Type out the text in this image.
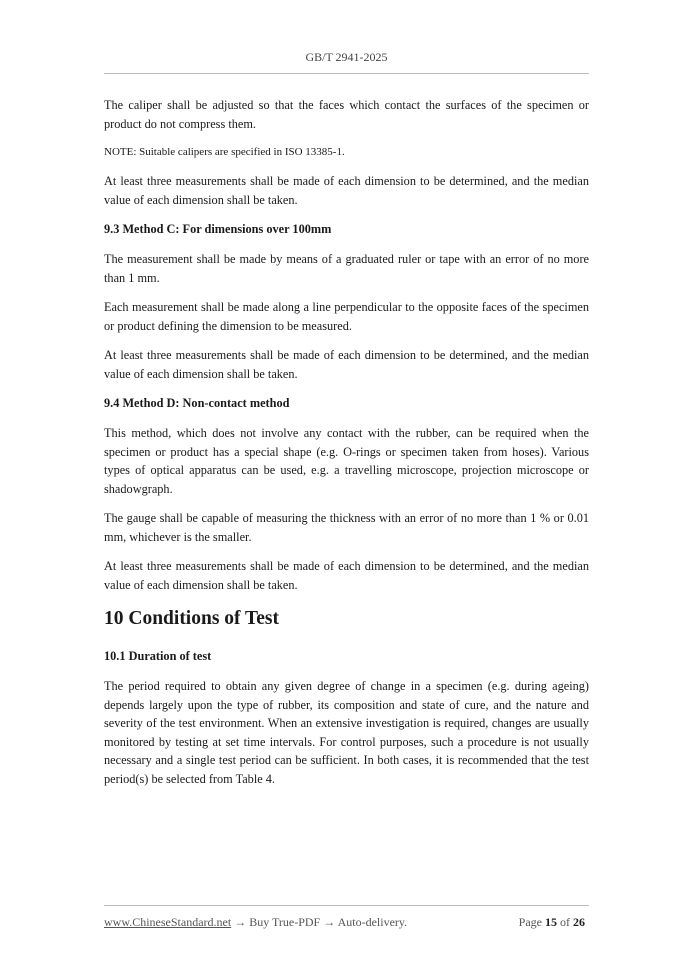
GB/T 2941-2025

The caliper shall be adjusted so that the faces which contact the surfaces of the specimen or product do not compress them.

NOTE: Suitable calipers are specified in ISO 13385-1.

At least three measurements shall be made of each dimension to be determined, and the median value of each dimension shall be taken.

9.3 Method C: For dimensions over 100mm

The measurement shall be made by means of a graduated ruler or tape with an error of no more than 1 mm.

Each measurement shall be made along a line perpendicular to the opposite faces of the specimen or product defining the dimension to be measured.

At least three measurements shall be made of each dimension to be determined, and the median value of each dimension shall be taken.

9.4 Method D: Non-contact method

This method, which does not involve any contact with the rubber, can be required when the specimen or product has a special shape (e.g. O-rings or specimen taken from hoses). Various types of optical apparatus can be used, e.g. a travelling microscope, projection microscope or shadowgraph.

The gauge shall be capable of measuring the thickness with an error of no more than 1 % or 0.01 mm, whichever is the smaller.

At least three measurements shall be made of each dimension to be determined, and the median value of each dimension shall be taken.

10 Conditions of Test
10.1 Duration of test

The period required to obtain any given degree of change in a specimen (e.g. during ageing) depends largely upon the type of rubber, its composition and state of cure, and the nature and severity of the test environment. When an extensive investigation is required, changes are usually monitored by testing at set time intervals. For control purposes, such a procedure is not usually necessary and a single test period can be sufficient. In both cases, it is recommended that the test period(s) be selected from Table 4.

www.ChineseStandard.net → Buy True-PDF → Auto-delivery.	Page 15 of 26
